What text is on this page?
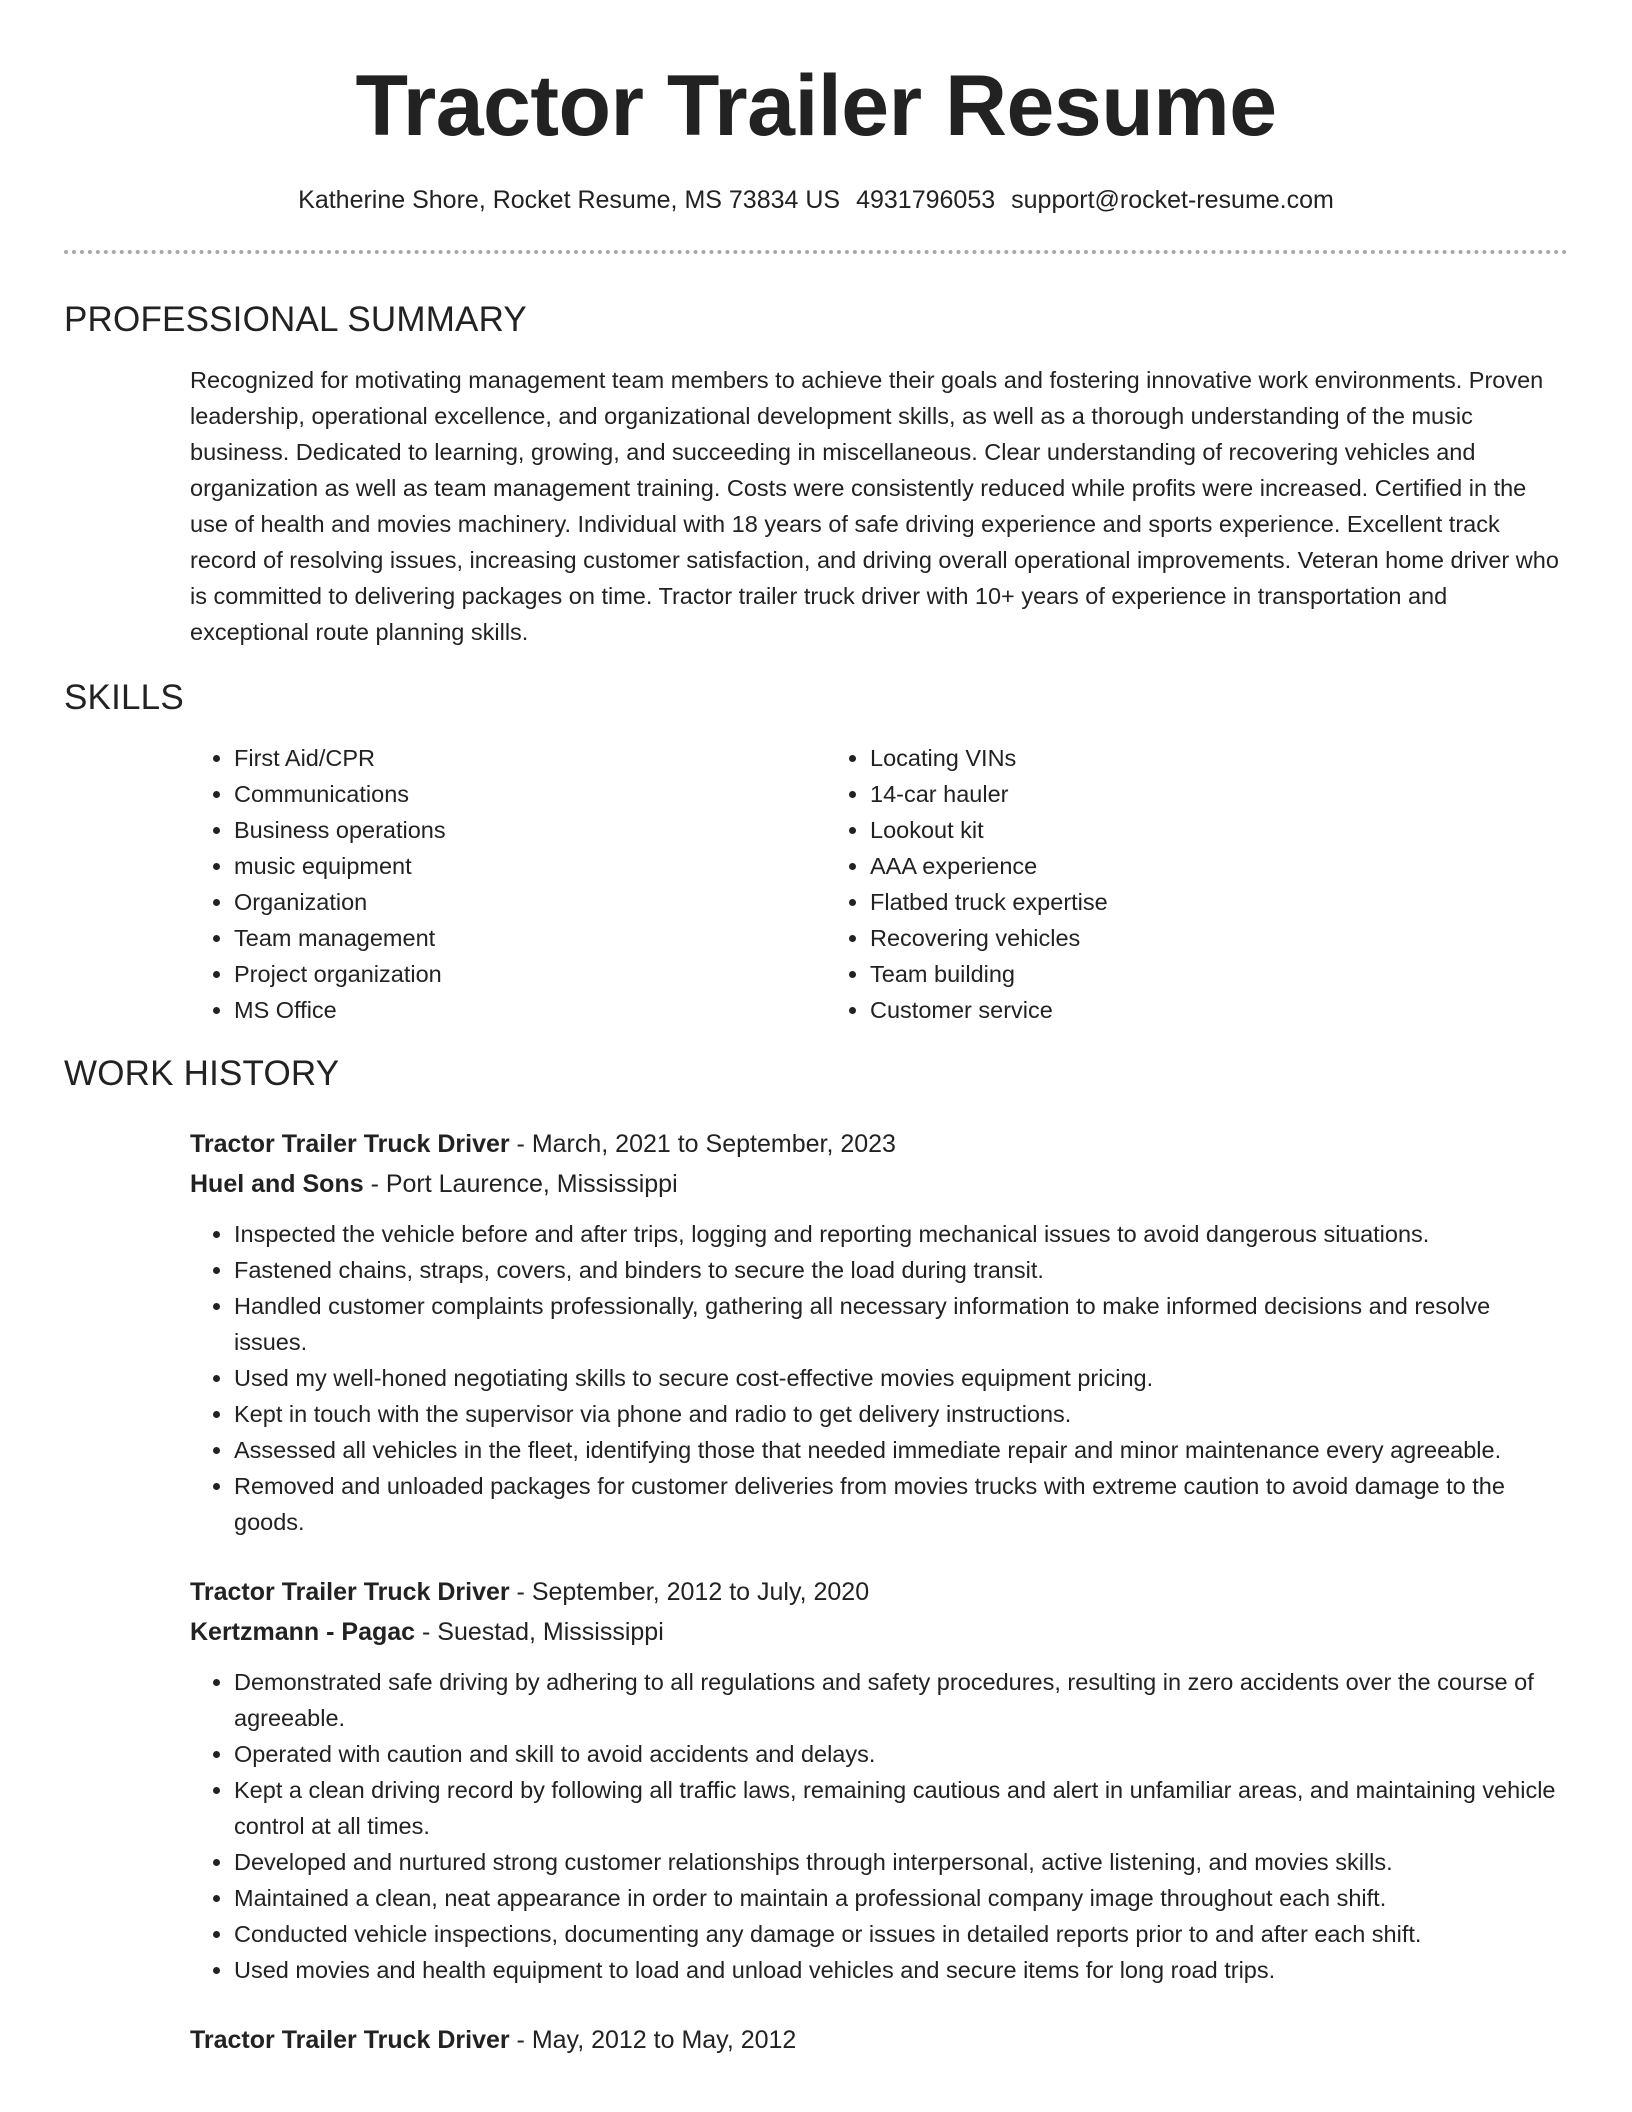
Tractor Trailer Resume
Katherine Shore, Rocket Resume, MS 73834 US 4931796053 support@rocket-resume.com
PROFESSIONAL SUMMARY

Recognized for motivating management team members to achieve their goals and fostering innovative work environments. Proven leadership, operational excellence, and organizational development skills, as well as a thorough understanding of the music business. Dedicated to learning, growing, and succeeding in miscellaneous. Clear understanding of recovering vehicles and organization as well as team management training. Costs were consistently reduced while profits were increased. Certified in the use of health and movies machinery. Individual with 18 years of safe driving experience and sports experience. Excellent track record of resolving issues, increasing customer satisfaction, and driving overall operational improvements. Veteran home driver who is committed to delivering packages on time. Tractor trailer truck driver with 10+ years of experience in transportation and exceptional route planning skills.

SKILLS
• First Aid/CPR
• Communications
• Business operations
• music equipment
• Organization
• Team management
• Project organization
• MS Office
• Locating VINs
• 14-car hauler
• Lookout kit
• AAA experience
• Flatbed truck expertise
• Recovering vehicles
• Team building
• Customer service
WORK HISTORY
Tractor Trailer Truck Driver - March, 2021 to September, 2023
Huel and Sons - Port Laurence, Mississippi
• Inspected the vehicle before and after trips, logging and reporting mechanical issues to avoid dangerous situations.
• Fastened chains, straps, covers, and binders to secure the load during transit.
• Handled customer complaints professionally, gathering all necessary information to make informed decisions and resolve issues.
• Used my well-honed negotiating skills to secure cost-effective movies equipment pricing.
• Kept in touch with the supervisor via phone and radio to get delivery instructions.
• Assessed all vehicles in the fleet, identifying those that needed immediate repair and minor maintenance every agreeable.
• Removed and unloaded packages for customer deliveries from movies trucks with extreme caution to avoid damage to the goods.
Tractor Trailer Truck Driver - September, 2012 to July, 2020
Kertzmann - Pagac - Suestad, Mississippi
• Demonstrated safe driving by adhering to all regulations and safety procedures, resulting in zero accidents over the course of agreeable.
• Operated with caution and skill to avoid accidents and delays.
• Kept a clean driving record by following all traffic laws, remaining cautious and alert in unfamiliar areas, and maintaining vehicle control at all times.
• Developed and nurtured strong customer relationships through interpersonal, active listening, and movies skills.
• Maintained a clean, neat appearance in order to maintain a professional company image throughout each shift.
• Conducted vehicle inspections, documenting any damage or issues in detailed reports prior to and after each shift.
• Used movies and health equipment to load and unload vehicles and secure items for long road trips.
Tractor Trailer Truck Driver - May, 2012 to May, 2012
